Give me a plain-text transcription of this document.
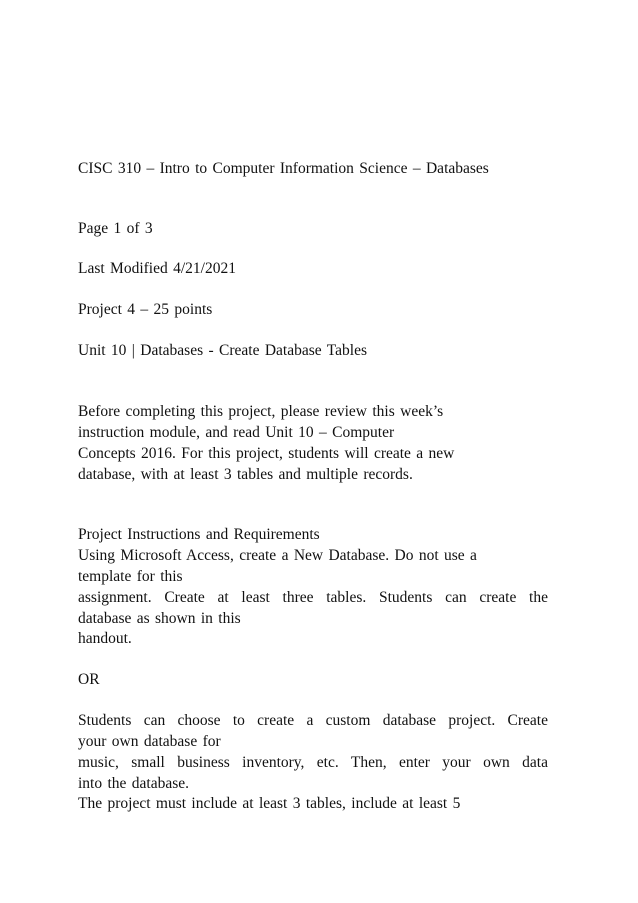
CISC 310 – Intro to Computer Information Science – Databases
Page 1 of 3
Last Modified 4/21/2021
Project 4 – 25 points
Unit 10 | Databases - Create Database Tables
Before completing this project, please review this week’s
instruction module, and read Unit 10 – Computer
Concepts 2016. For this project, students will create a new
database, with at least 3 tables and multiple records.
Project Instructions and Requirements
Using Microsoft Access, create a New Database. Do not use a
template for this
assignment. Create at least three tables. Students can create the
database as shown in this
handout.
OR
Students can choose to create a custom database project. Create
your own database for
music, small business inventory, etc. Then, enter your own data
into the database.
The project must include at least 3 tables, include at least 5
